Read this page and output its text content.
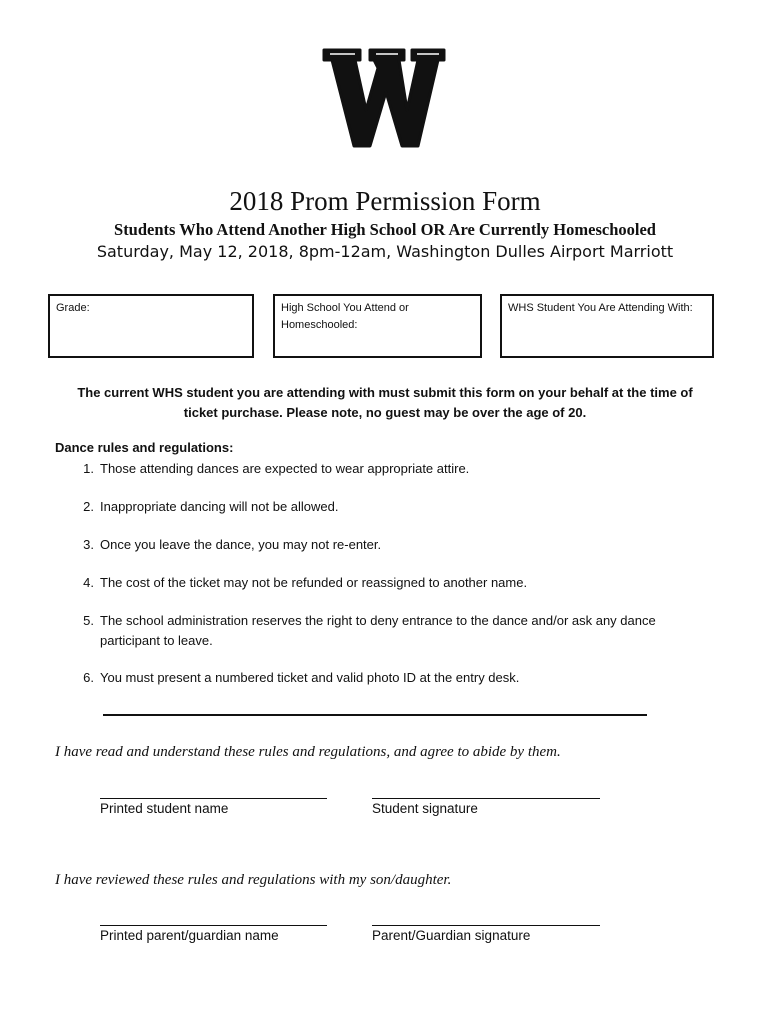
2018 Prom Permission Form
Students Who Attend Another High School OR Are Currently Homeschooled
Saturday, May 12, 2018, 8pm-12am, Washington Dulles Airport Marriott
Grade:	High School You Attend or
Homeschooled:
WHS Student You Are Attending With:
The current WHS student you are attending with must submit this form on your behalf at the time of
ticket purchase. Please note, no guest may be over the age of 20.
Dance rules and regulations:
1. Those attending dances are expected to wear appropriate attire.
2. Inappropriate dancing will not be allowed.
3. Once you leave the dance, you may not re-enter.
4. The cost of the ticket may not be refunded or reassigned to another name.
5. The school administration reserves the right to deny entrance to the dance and/or ask any dance
participant to leave.
6. You must present a numbered ticket and valid photo ID at the entry desk.
I have read and understand these rules and regulations, and agree to abide by them.
Printed student name	Student signature
I have reviewed these rules and regulations with my son/daughter.
Printed parent/guardian name	Parent/Guardian signature
